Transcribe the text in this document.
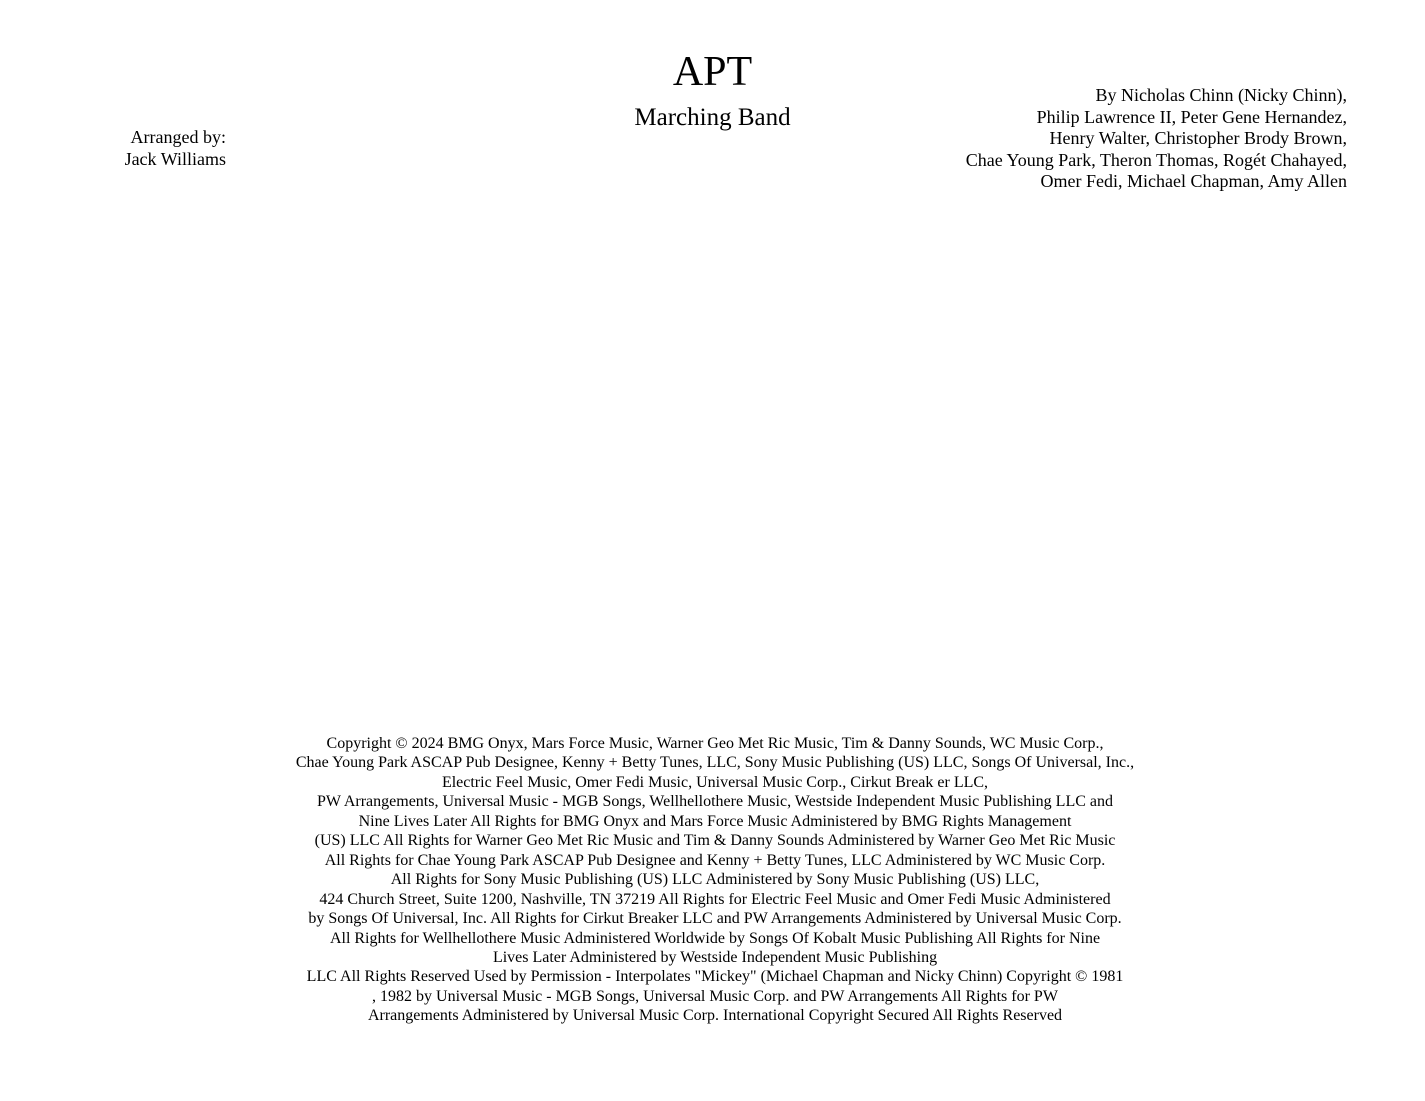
APT
Marching Band
Arranged by:
Jack Williams
By Nicholas Chinn (Nicky Chinn),
Philip Lawrence II, Peter Gene Hernandez,
Henry Walter, Christopher Brody Brown,
Chae Young Park, Theron Thomas, Rogét Chahayed,
Omer Fedi, Michael Chapman, Amy Allen
Copyright © 2024 BMG Onyx, Mars Force Music, Warner Geo Met Ric Music, Tim & Danny Sounds, WC Music Corp.,
Chae Young Park ASCAP Pub Designee, Kenny + Betty Tunes, LLC, Sony Music Publishing (US) LLC, Songs Of Universal, Inc.,
Electric Feel Music, Omer Fedi Music, Universal Music Corp., Cirkut Break er LLC,
PW Arrangements, Universal Music - MGB Songs, Wellhellothere Music, Westside Independent Music Publishing LLC and
Nine Lives Later All Rights for BMG Onyx and Mars Force Music Administered by BMG Rights Management
(US) LLC All Rights for Warner Geo Met Ric Music and Tim & Danny Sounds Administered by Warner Geo Met Ric Music
All Rights for Chae Young Park ASCAP Pub Designee and Kenny + Betty Tunes, LLC Administered by WC Music Corp.
All Rights for Sony Music Publishing (US) LLC Administered by Sony Music Publishing (US) LLC,
424 Church Street, Suite 1200, Nashville, TN 37219 All Rights for Electric Feel Music and Omer Fedi Music Administered
by Songs Of Universal, Inc. All Rights for Cirkut Breaker LLC and PW Arrangements Administered by Universal Music Corp.
All Rights for Wellhellothere Music Administered Worldwide by Songs Of Kobalt Music Publishing All Rights for Nine
Lives Later Administered by Westside Independent Music Publishing
LLC All Rights Reserved Used by Permission - Interpolates "Mickey" (Michael Chapman and Nicky Chinn) Copyright © 1981
, 1982 by Universal Music - MGB Songs, Universal Music Corp. and PW Arrangements All Rights for PW
Arrangements Administered by Universal Music Corp. International Copyright Secured All Rights Reserved
